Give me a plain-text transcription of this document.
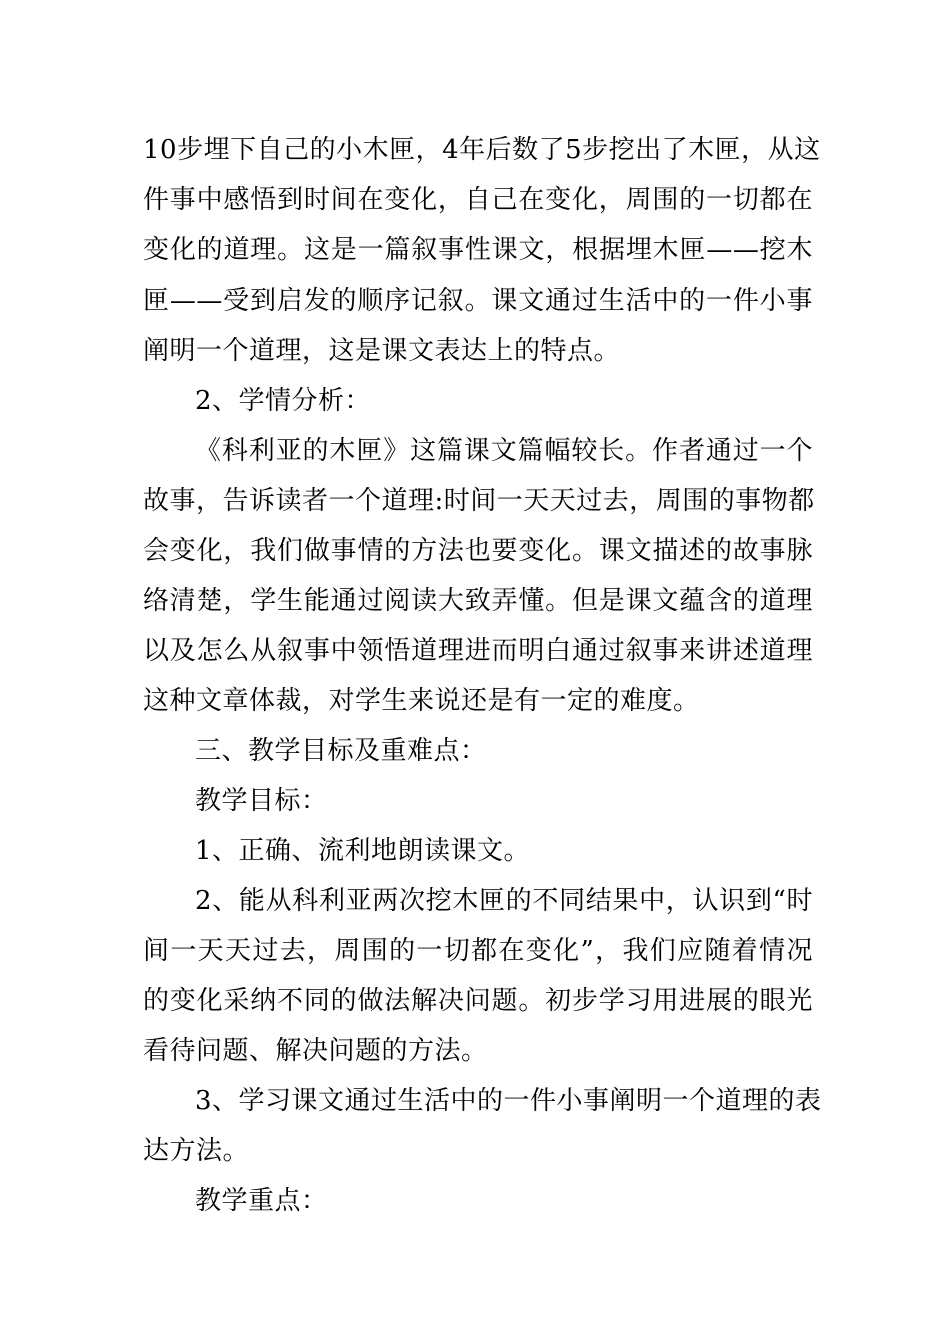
10步埋下自己的小木匣，4年后数了5步挖出了木匣，从这
件事中感悟到时间在变化，自己在变化，周围的一切都在
变化的道理。这是一篇叙事性课文，根据埋木匣——挖木
匣——受到启发的顺序记叙。课文通过生活中的一件小事
阐明一个道理，这是课文表达上的特点。
2、学情分析：
《科利亚的木匣》这篇课文篇幅较长。作者通过一个
故事，告诉读者一个道理:时间一天天过去，周围的事物都
会变化，我们做事情的方法也要变化。课文描述的故事脉
络清楚，学生能通过阅读大致弄懂。但是课文蕴含的道理
以及怎么从叙事中领悟道理进而明白通过叙事来讲述道理
这种文章体裁，对学生来说还是有一定的难度。
三、教学目标及重难点：
教学目标：
1、正确、流利地朗读课文。
2、能从科利亚两次挖木匣的不同结果中，认识到“时
间一天天过去，周围的一切都在变化”，我们应随着情况
的变化采纳不同的做法解决问题。初步学习用进展的眼光
看待问题、解决问题的方法。
3、学习课文通过生活中的一件小事阐明一个道理的表
达方法。
教学重点：
